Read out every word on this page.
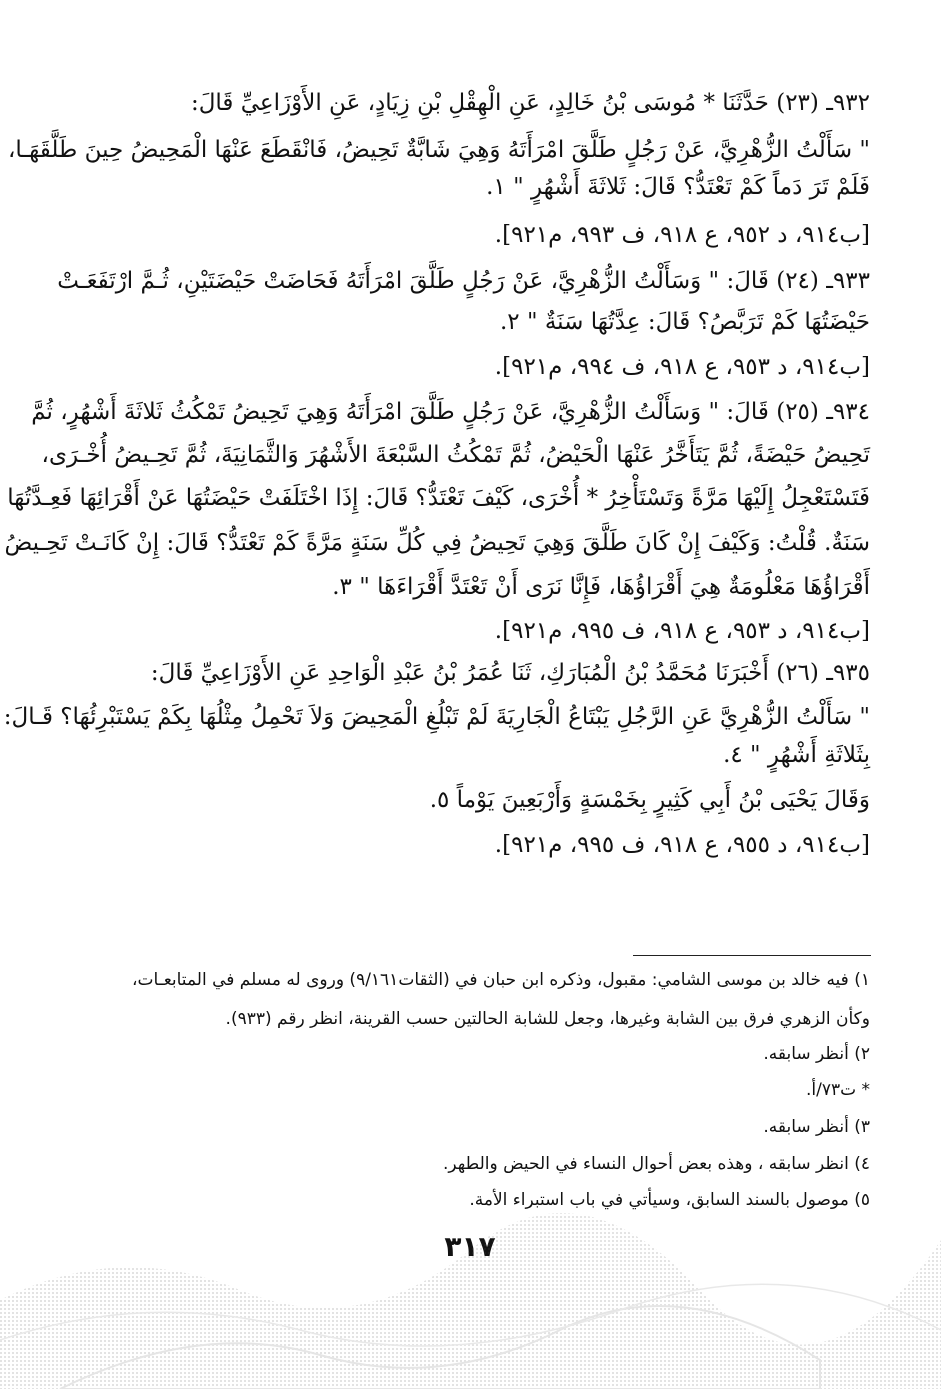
٩٣٢ـ (٢٣) حَدَّثَنَا * مُوسَى بْنُ خَالِدٍ، عَنِ الْهِقْلِ بْنِ زِيَادٍ، عَنِ الأَوْزَاعِيِّ قَالَ:
" سَأَلْتُ الزُّهْرِيَّ، عَنْ رَجُلٍ طَلَّقَ امْرَأَتَهُ وَهِيَ شَابَّةٌ تَحِيضُ، فَانْقَطَعَ عَنْهَا الْمَحِيضُ حِينَ طَلَّقَهَـا،
فَلَمْ تَرَ دَماً كَمْ تَعْتَدُّ؟ قَالَ: ثَلاثَةَ أَشْهُرٍ " ١.
[ب٩١٤، د ٩٥٢، ع ٩١٨، ف ٩٩٣، م٩٢١].
٩٣٣ـ (٢٤) قَالَ: " وَسَأَلْتُ الزُّهْرِيَّ، عَنْ رَجُلٍ طَلَّقَ امْرَأَتَهُ فَحَاضَتْ حَيْضَتَيْنِ، ثُـمَّ ارْتَفَعَـتْ
حَيْضَتُهَا كَمْ تَرَبَّصُ؟ قَالَ: عِدَّتُهَا سَنَةٌ " ٢.
[ب٩١٤، د ٩٥٣، ع ٩١٨، ف ٩٩٤، م٩٢١].
٩٣٤ـ (٢٥) قَالَ: " وَسَأَلْتُ الزُّهْرِيَّ، عَنْ رَجُلٍ طَلَّقَ امْرَأَتَهُ وَهِيَ تَحِيضُ تَمْكُثُ ثَلاثَةَ أَشْهُرٍ، ثُمَّ
تَحِيضُ حَيْضَةً، ثُمَّ يَتَأَخَّرُ عَنْهَا الْحَيْضُ، ثُمَّ تَمْكُثُ السَّبْعَةَ الأَشْهُرَ وَالثَّمَانِيَةَ، ثُمَّ تَحِـيضُ أُخْـرَى،
فَتَسْتَعْجِلُ إِلَيْهَا مَرَّةً وَتَسْتَأْخِرُ * أُخْرَى، كَيْفَ تَعْتَدُّ؟ قَالَ: إِذَا اخْتَلَفَتْ حَيْضَتُهَا عَنْ أَقْرَائِهَا فَعِـدَّتُهَا
سَنَةٌ. قُلْتُ: وَكَيْفَ إِنْ كَانَ طَلَّقَ وَهِيَ تَحِيضُ فِي كُلِّ سَنَةٍ مَرَّةً كَمْ تَعْتَدُّ؟ قَالَ: إِنْ كَانَـتْ تَحِـيضُ
أَقْرَاؤُهَا مَعْلُومَةٌ هِيَ أَقْرَاؤُهَا، فَإِنَّا نَرَى أَنْ تَعْتَدَّ أَقْرَاءَهَا " ٣.
[ب٩١٤، د ٩٥٣، ع ٩١٨، ف ٩٩٥، م٩٢١].
٩٣٥ـ (٢٦) أَخْبَرَنَا مُحَمَّدُ بْنُ الْمُبَارَكِ، ثَنَا عُمَرُ بْنُ عَبْدِ الْوَاحِدِ عَنِ الأَوْزَاعِيِّ قَالَ:
" سَأَلْتُ الزُّهْرِيَّ عَنِ الرَّجُلِ يَبْتَاعُ الْجَارِيَةَ لَمْ تَبْلُغِ الْمَحِيضَ وَلاَ تَحْمِلُ مِثْلُهَا بِكَمْ يَسْتَبْرِئُهَا؟ قَـالَ:
بِثَلاثَةِ أَشْهُرٍ " ٤.
وَقَالَ يَحْيَى بْنُ أَبِي كَثِيرٍ بِخَمْسَةٍ وَأَرْبَعِينَ يَوْماً ٥.
[ب٩١٤، د ٩٥٥، ع ٩١٨، ف ٩٩٥، م٩٢١].
١) فيه خالد بن موسى الشامي: مقبول، وذكره ابن حبان في (الثقات٩/١٦١) وروى له مسلم في المتابعـات،
وكأن الزهري فرق بين الشابة وغيرها، وجعل للشابة الحالتين حسب القرينة، انظر رقم (٩٣٣).
٢) أنظر سابقه.
* ت٧٣/أ.
٣) أنظر سابقه.
٤) انظر سابقه ، وهذه بعض أحوال النساء في الحيض والطهر.
٥) موصول بالسند السابق، وسيأتي في باب استبراء الأمة.
٣١٧
